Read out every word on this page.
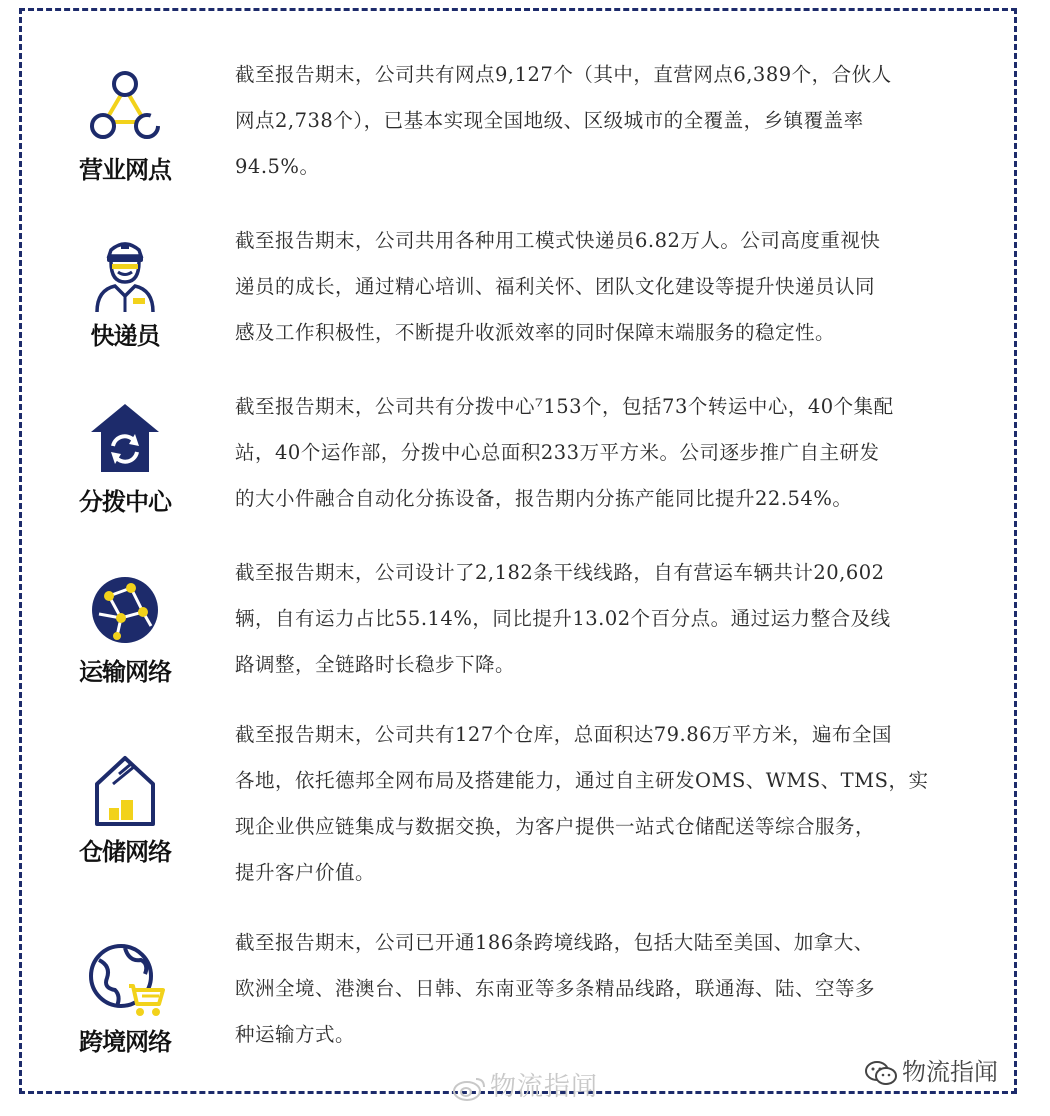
营业网点
截至报告期末，公司共有网点9,127个（其中，直营网点6,389个，合伙人
网点2,738个），已基本实现全国地级、区级城市的全覆盖，乡镇覆盖率
94.5%。
快递员
截至报告期末，公司共用各种用工模式快递员6.82万人。公司高度重视快
递员的成长，通过精心培训、福利关怀、团队文化建设等提升快递员认同
感及工作积极性，不断提升收派效率的同时保障末端服务的稳定性。
分拨中心
截至报告期末，公司共有分拨中心⁷153个，包括73个转运中心，40个集配
站，40个运作部，分拨中心总面积233万平方米。公司逐步推广自主研发
的大小件融合自动化分拣设备，报告期内分拣产能同比提升22.54%。
运输网络
截至报告期末，公司设计了2,182条干线线路，自有营运车辆共计20,602
辆，自有运力占比55.14%，同比提升13.02个百分点。通过运力整合及线
路调整，全链路时长稳步下降。
仓储网络
截至报告期末，公司共有127个仓库，总面积达79.86万平方米，遍布全国
各地，依托德邦全网布局及搭建能力，通过自主研发OMS、WMS、TMS，实
现企业供应链集成与数据交换，为客户提供一站式仓储配送等综合服务，
提升客户价值。
跨境网络
截至报告期末，公司已开通186条跨境线路，包括大陆至美国、加拿大、
欧洲全境、港澳台、日韩、东南亚等多条精品线路，联通海、陆、空等多
种运输方式。
物流指闻	物流指闻
